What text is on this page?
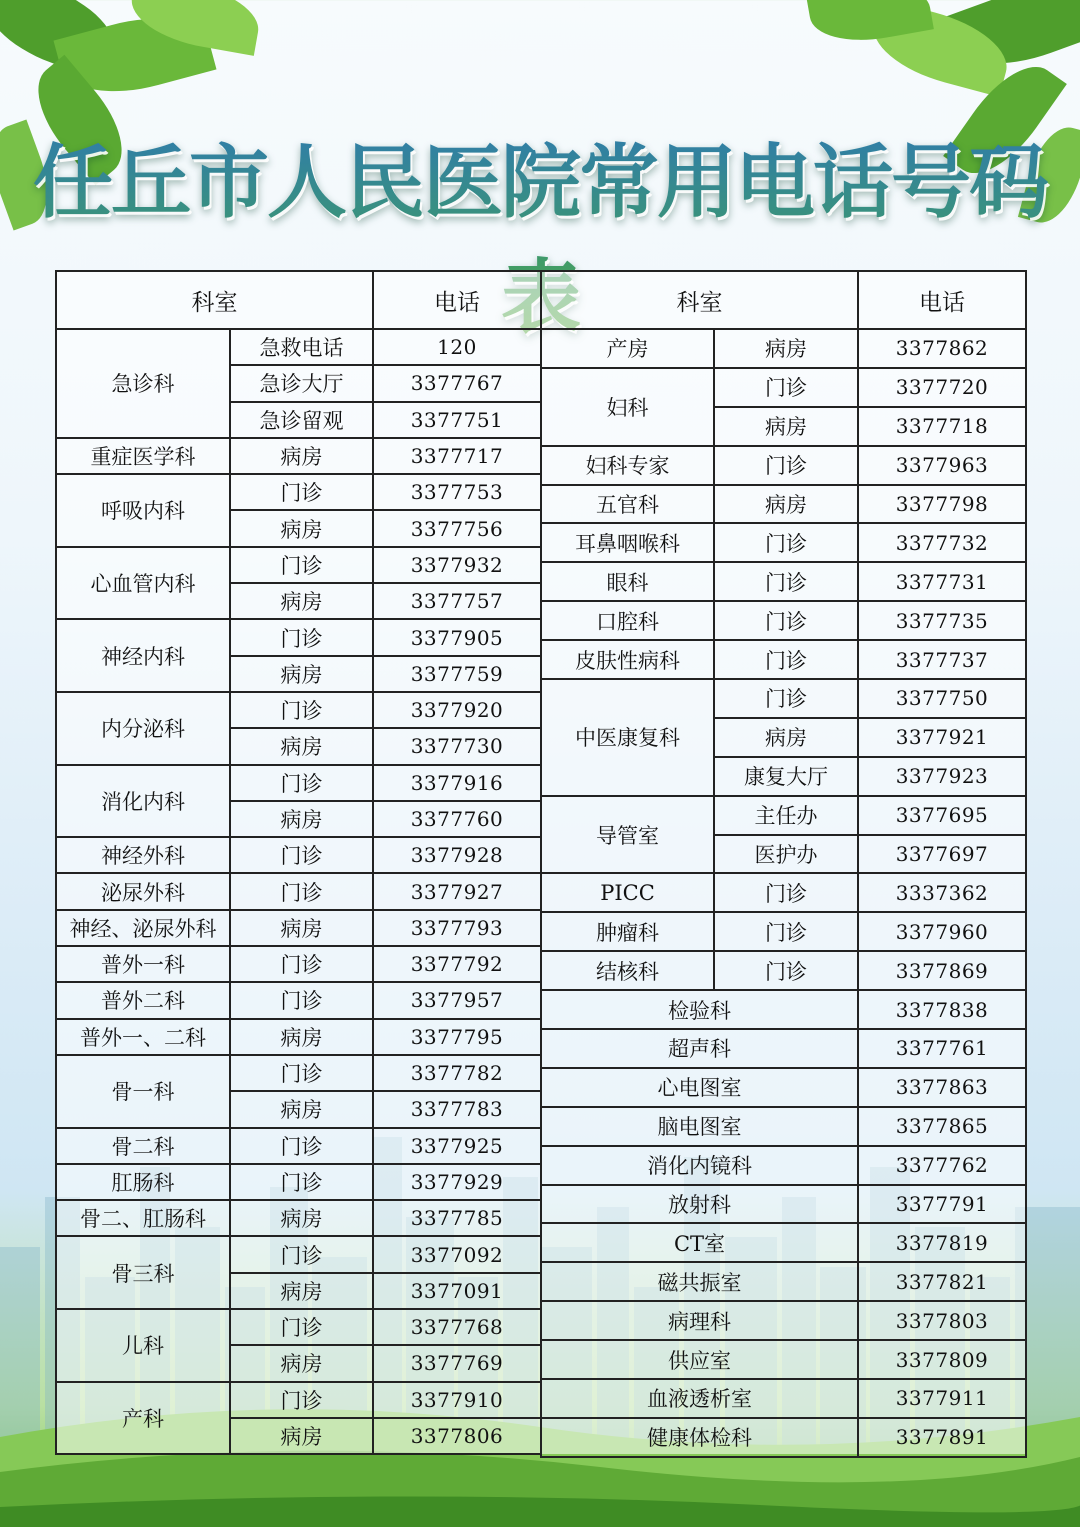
任丘市人民医院常用电话号码
科室		电话
急诊科	急救电话	120
	急诊大厅	3377767
	急诊留观	3377751
重症医学科	病房	3377717
呼吸内科	门诊	3377753
	病房	3377756
心血管内科	门诊	3377932
	病房	3377757
神经内科	门诊	3377905
	病房	3377759
内分泌科	门诊	3377920
	病房	3377730
消化内科	门诊	3377916
	病房	3377760
神经外科	门诊	3377928
泌尿外科	门诊	3377927
神经、泌尿外科	病房	3377793
普外一科	门诊	3377792
普外二科	门诊	3377957
普外一、二科	病房	3377795
骨一科	门诊	3377782
	病房	3377783
骨二科	门诊	3377925
肛肠科	门诊	3377929
骨二、肛肠科	病房	3377785
骨三科	门诊	3377092
	病房	3377091
儿科	门诊	3377768
	病房	3377769
产科	门诊	3377910
	病房	3377806
科室		电话
产房	病房	3377862
妇科	门诊	3377720
	病房	3377718
妇科专家	门诊	3377963
五官科	病房	3377798
耳鼻咽喉科	门诊	3377732
眼科	门诊	3377731
口腔科	门诊	3377735
皮肤性病科	门诊	3377737
中医康复科	门诊	3377750
	病房	3377921
	康复大厅	3377923
导管室	主任办	3377695
	医护办	3377697
PICC	门诊	3337362
肿瘤科	门诊	3377960
结核科	门诊	3377869
检验科		3377838
超声科		3377761
心电图室		3377863
脑电图室		3377865
消化内镜科		3377762
放射科		3377791
CT室		3377819
磁共振室		3377821
病理科		3377803
供应室		3377809
血液透析室		3377911
健康体检科		3377891
